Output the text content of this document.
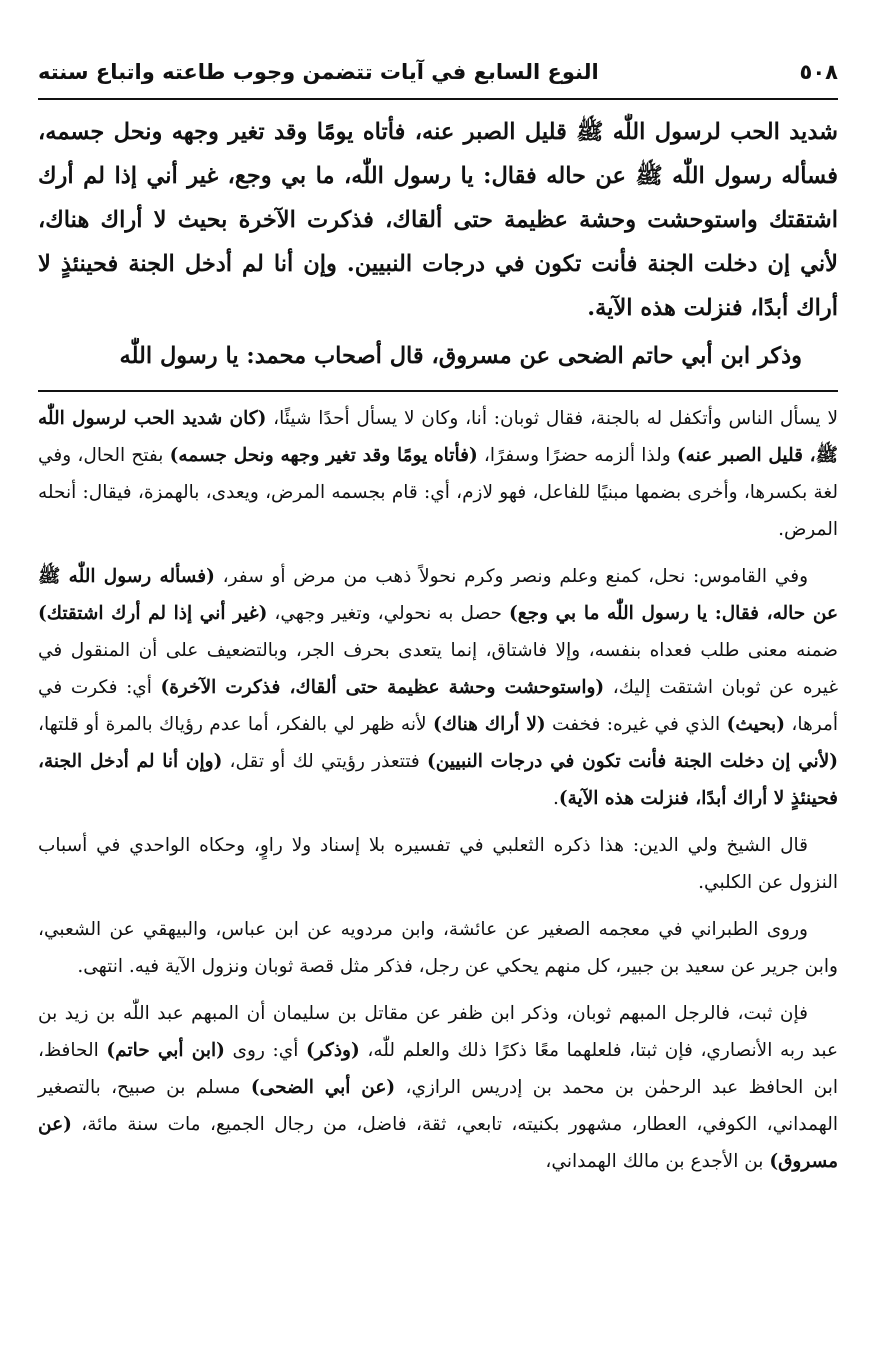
٥٠٨
النوع السابع في آيات تتضمن وجوب طاعته واتباع سنته

شديد الحب لرسول اللّٰه ﷺ قليل الصبر عنه، فأتاه يومًا وقد تغير وجهه ونحل جسمه، فسأله رسول اللّٰه ﷺ عن حاله فقال: يا رسول اللّٰه، ما بي وجع، غير أني إذا لم أرك اشتقتك واستوحشت وحشة عظيمة حتى ألقاك، فذكرت الآخرة بحيث لا أراك هناك، لأني إن دخلت الجنة فأنت تكون في درجات النبيين. وإن أنا لم أدخل الجنة فحينئذٍ لا أراك أبدًا، فنزلت هذه الآية.

وذكر ابن أبي حاتم الضحى عن مسروق، قال أصحاب محمد: يا رسول اللّٰه

لا يسأل الناس وأتكفل له بالجنة، فقال ثوبان: أنا، وكان لا يسأل أحدًا شيئًا، (كان شديد الحب لرسول اللّٰه ﷺ، قليل الصبر عنه) ولذا ألزمه حضرًا وسفرًا، (فأتاه يومًا وقد تغير وجهه ونحل جسمه) بفتح الحال، وفي لغة بكسرها، وأخرى بضمها مبنيًا للفاعل، فهو لازم، أي: قام بجسمه المرض، ويعدى، بالهمزة، فيقال: أنحله المرض.

وفي القاموس: نحل، كمنع وعلم ونصر وكرم نحولاً ذهب من مرض أو سفر، (فسأله رسول اللّٰه ﷺ عن حاله، فقال: يا رسول اللّٰه ما بي وجع) حصل به نحولي، وتغير وجهي، (غير أني إذا لم أرك اشتقتك) ضمنه معنى طلب فعداه بنفسه، وإلا فاشتاق، إنما يتعدى بحرف الجر، وبالتضعيف على أن المنقول في غيره عن ثوبان اشتقت إليك، (واستوحشت وحشة عظيمة حتى ألقاك، فذكرت الآخرة) أي: فكرت في أمرها، (بحيث) الذي في غيره: فخفت (لا أراك هناك) لأنه ظهر لي بالفكر، أما عدم رؤياك بالمرة أو قلتها، (لأني إن دخلت الجنة فأنت تكون في درجات النبيين) فتتعذر رؤيتي لك أو تقل، (وإن أنا لم أدخل الجنة، فحينئذٍ لا أراك أبدًا، فنزلت هذه الآية).

قال الشيخ ولي الدين: هذا ذكره الثعلبي في تفسيره بلا إسناد ولا راوٍ، وحكاه الواحدي في أسباب النزول عن الكلبي.

وروى الطبراني في معجمه الصغير عن عائشة، وابن مردويه عن ابن عباس، والبيهقي عن الشعبي، وابن جرير عن سعيد بن جبير، كل منهم يحكي عن رجل، فذكر مثل قصة ثوبان ونزول الآية فيه. انتهى.

فإن ثبت، فالرجل المبهم ثوبان، وذكر ابن ظفر عن مقاتل بن سليمان أن المبهم عبد اللّٰه بن زيد بن عبد ربه الأنصاري، فإن ثبتا، فلعلهما معًا ذكرًا ذلك والعلم للّٰه، (وذكر) أي: روى (ابن أبي حاتم) الحافظ، ابن الحافظ عبد الرحمٰن بن محمد بن إدريس الرازي، (عن أبي الضحى) مسلم بن صبيح، بالتصغير الهمداني، الكوفي، العطار، مشهور بكنيته، تابعي، ثقة، فاضل، من رجال الجميع، مات سنة مائة، (عن مسروق) بن الأجدع بن مالك الهمداني،
